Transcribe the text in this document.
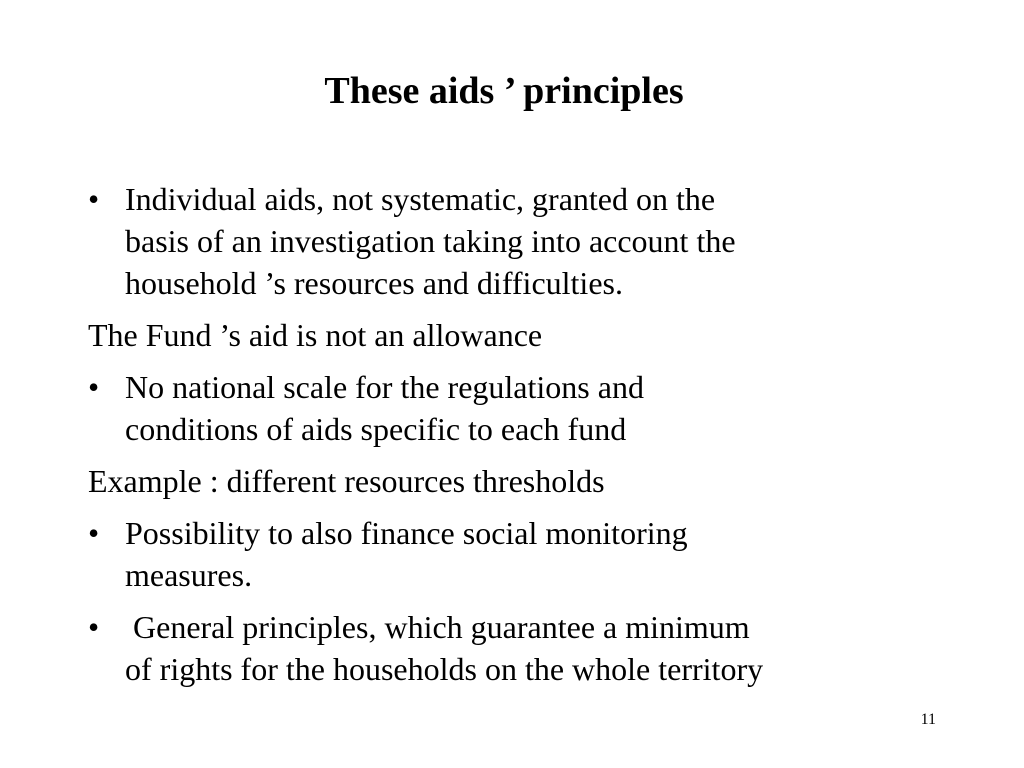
These aids ’ principles
• Individual aids, not systematic, granted on the
basis of an investigation taking into account the
household ’s resources and difficulties.
The Fund ’s aid is not an allowance
• No national scale for the regulations and
conditions of aids specific to each fund
Example : different resources thresholds
• Possibility to also finance social monitoring
measures.
• General principles, which guarantee a minimum
of rights for the households on the whole territory
11
